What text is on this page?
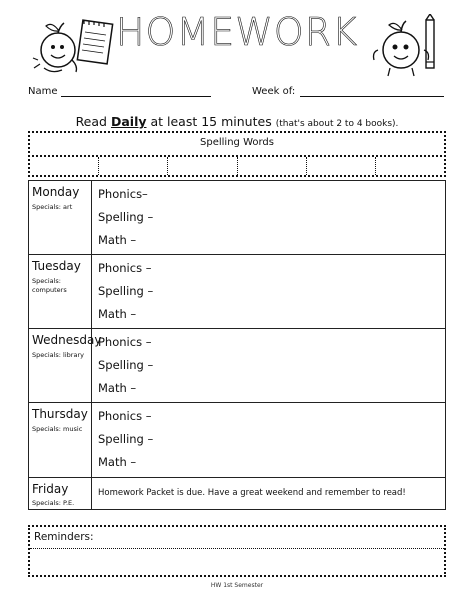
HOMEWORK
Name	Week of:
Read Daily at least 15 minutes (that's about 2 to 4 books).
Spelling Words
Monday
Specials: art
Phonics–
Spelling –
Math –
Tuesday
Specials: computers
Phonics –
Spelling –
Math –
Wednesday
Specials: library
Phonics –
Spelling –
Math –
Thursday
Specials: music
Phonics –
Spelling –
Math –
Friday
Specials: P.E.
Homework Packet is due. Have a great weekend and remember to read!
Reminders:
HW 1st Semester
